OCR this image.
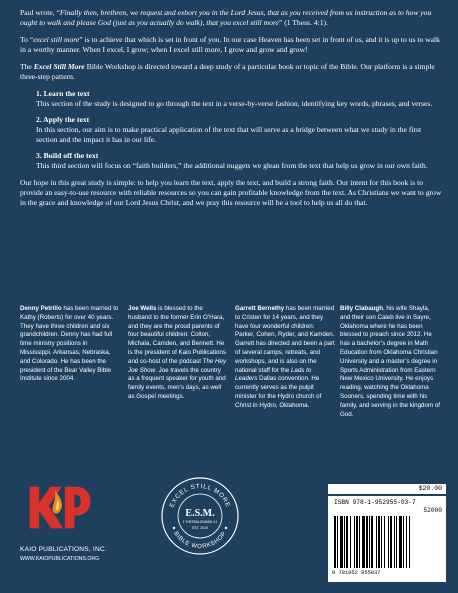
Paul wrote, “Finally then, brethren, we request and exhort you in the Lord Jesus, that as you received from us instruction as to how you ought to walk and please God (just as you actually do walk), that you excel still more” (1 Thess. 4:1).

To “excel still more” is to achieve that which is set in front of you. In our case Heaven has been set in front of us, and it is up to us to walk in a worthy manner. When I excel, I grow; when I excel still more, I grow and grow and grow!

The Excel Still More Bible Workshop is directed toward a deep study of a particular book or topic of the Bible. Our platform is a simple three-step pattern.

1. Learn the text
This section of the study is designed to go through the text in a verse-by-verse fashion, identifying key words, phrases, and verses.
2. Apply the text
In this section, our aim is to make practical application of the text that will serve as a bridge between what we study in the first section and the impact it has in our life.
3. Build off the text
This third section will focus on “faith builders,” the additional nuggets we glean from the text that help us grow in our own faith.

Our hope in this great study is simple: to help you learn the text, apply the text, and build a strong faith. Our intent for this book is to provide an easy-to-use resource with reliable resources so you can gain profitable knowledge from the text. As Christians we want to grow in the grace and knowledge of our Lord Jesus Christ, and we pray this resource will be a tool to help us all do that.

Denny Petrillo has been married to Kathy (Roberts) for over 40 years. They have three children and six grandchildren. Denny has had full time ministry positions in Mississippi, Arkansas, Nebraska, and Colorado. He has been the president of the Bear Valley Bible Institute since 2004.
Joe Wells is blessed to the husband to the former Erin O’Hara, and they are the proud parents of four beautiful children: Colton, Michala, Camden, and Bennett. He is the president of Kaio Publications and co-host of the podcast The Hey Joe Show. Joe travels the country as a frequent speaker for youth and family events, men’s days, as well as Gospel meetings.
Garrett Bernethy has been married to Cristen for 14 years, and they have four wonderful children: Parker, Cohen, Ryder, and Kamden. Garrett has directed and been a part of several camps, retreats, and workshops, and is also on the national staff for the Lads to Leaders Dallas convention. He currently serves as the pulpit minister for the Hydro church of Christ in Hydro, Oklahoma.
Billy Clabaugh, his wife Shayla, and their son Caleb live in Sayre, Oklahoma where he has been blessed to preach since 2012. He has a bachelor’s degree in Math Education from Oklahoma Christian University and a master’s degree in Sports Administration from Eastern New Mexico University. He enjoys reading, watching the Oklahoma Sooners, spending time with his family, and serving in the kingdom of God.
KAIO PUBLICATIONS, INC.
WWW.KAIOPUBLICATIONS.ORG
EXCEL STILL MORE
BIBLE WORKSHOP
E.S.M.
1 THESSALONIANS 4:1
EST. 2019
$20.00
ISBN 978-1-952955-03-7
52000
9 781952 955037
